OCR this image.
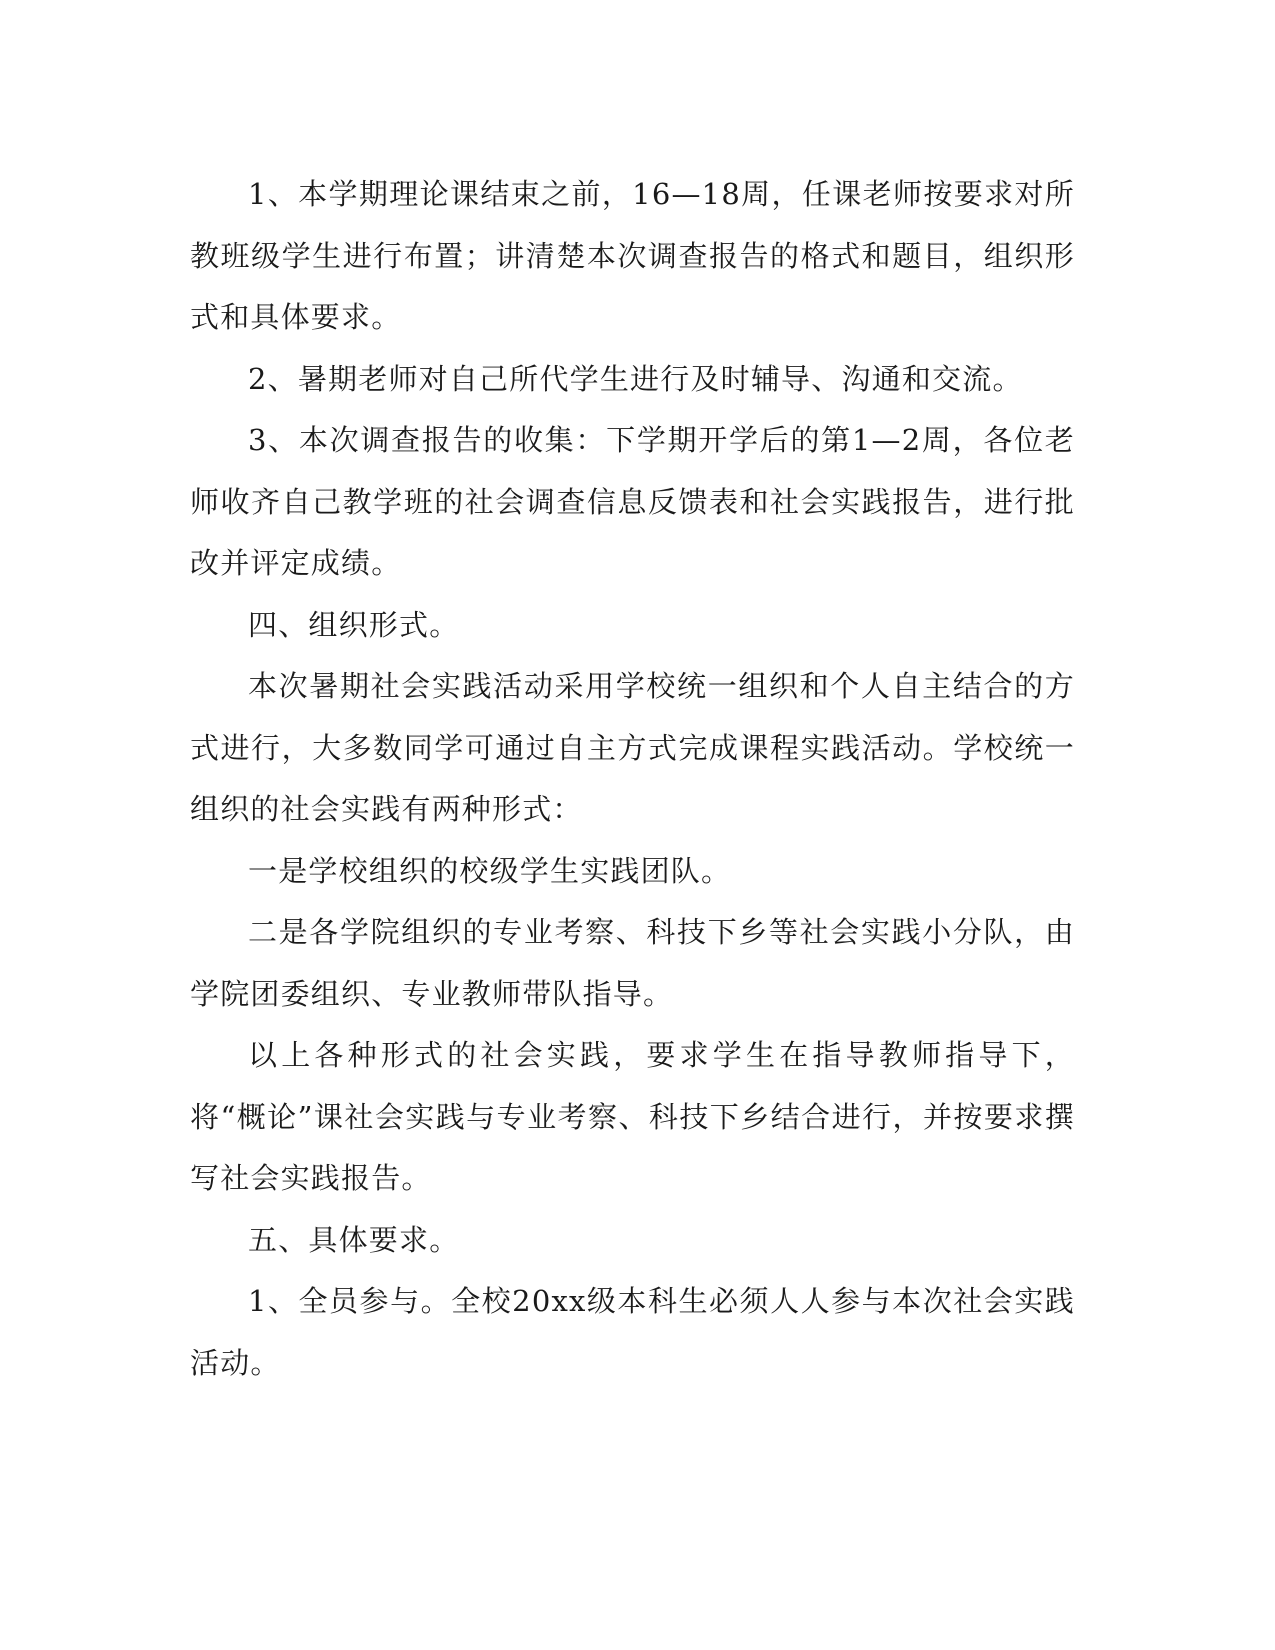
1、本学期理论课结束之前，16—18周，任课老师按要求对所教班级学生进行布置；讲清楚本次调查报告的格式和题目，组织形式和具体要求。

2、暑期老师对自己所代学生进行及时辅导、沟通和交流。

3、本次调查报告的收集：下学期开学后的第1—2周，各位老师收齐自己教学班的社会调查信息反馈表和社会实践报告，进行批改并评定成绩。

四、组织形式。

本次暑期社会实践活动采用学校统一组织和个人自主结合的方式进行，大多数同学可通过自主方式完成课程实践活动。学校统一组织的社会实践有两种形式：

一是学校组织的校级学生实践团队。

二是各学院组织的专业考察、科技下乡等社会实践小分队，由学院团委组织、专业教师带队指导。

以上各种形式的社会实践，要求学生在指导教师指导下，将“概论”课社会实践与专业考察、科技下乡结合进行，并按要求撰写社会实践报告。

五、具体要求。

1、全员参与。全校20xx级本科生必须人人参与本次社会实践活动。
